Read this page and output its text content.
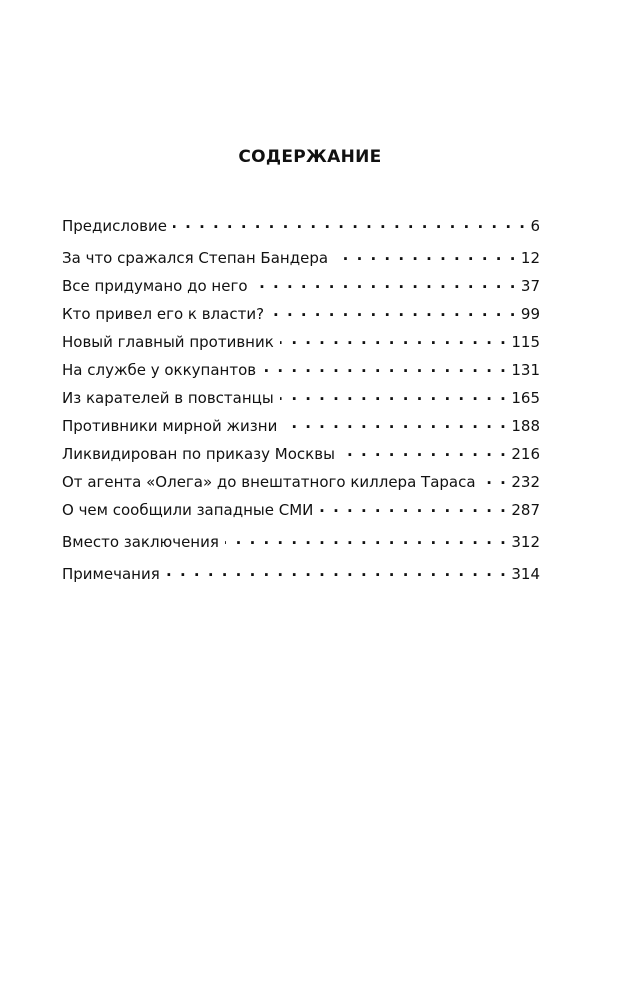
СОДЕРЖАНИЕ
Предисловие . . .	6
За что сражался Степан Бандера . . .	12
Все придумано до него . . .	37
Кто привел его к власти? . . .	99
Новый главный противник . . .	115
На службе у оккупантов . . .	131
Из карателей в повстанцы . . .	165
Противники мирной жизни . . .	188
Ликвидирован по приказу Москвы . . .	216
От агента «Олега» до внештатного киллера Тараса . . . 232
О чем сообщили западные СМИ . . .	287
Вместо заключения . . .	312
Примечания . . .	314
